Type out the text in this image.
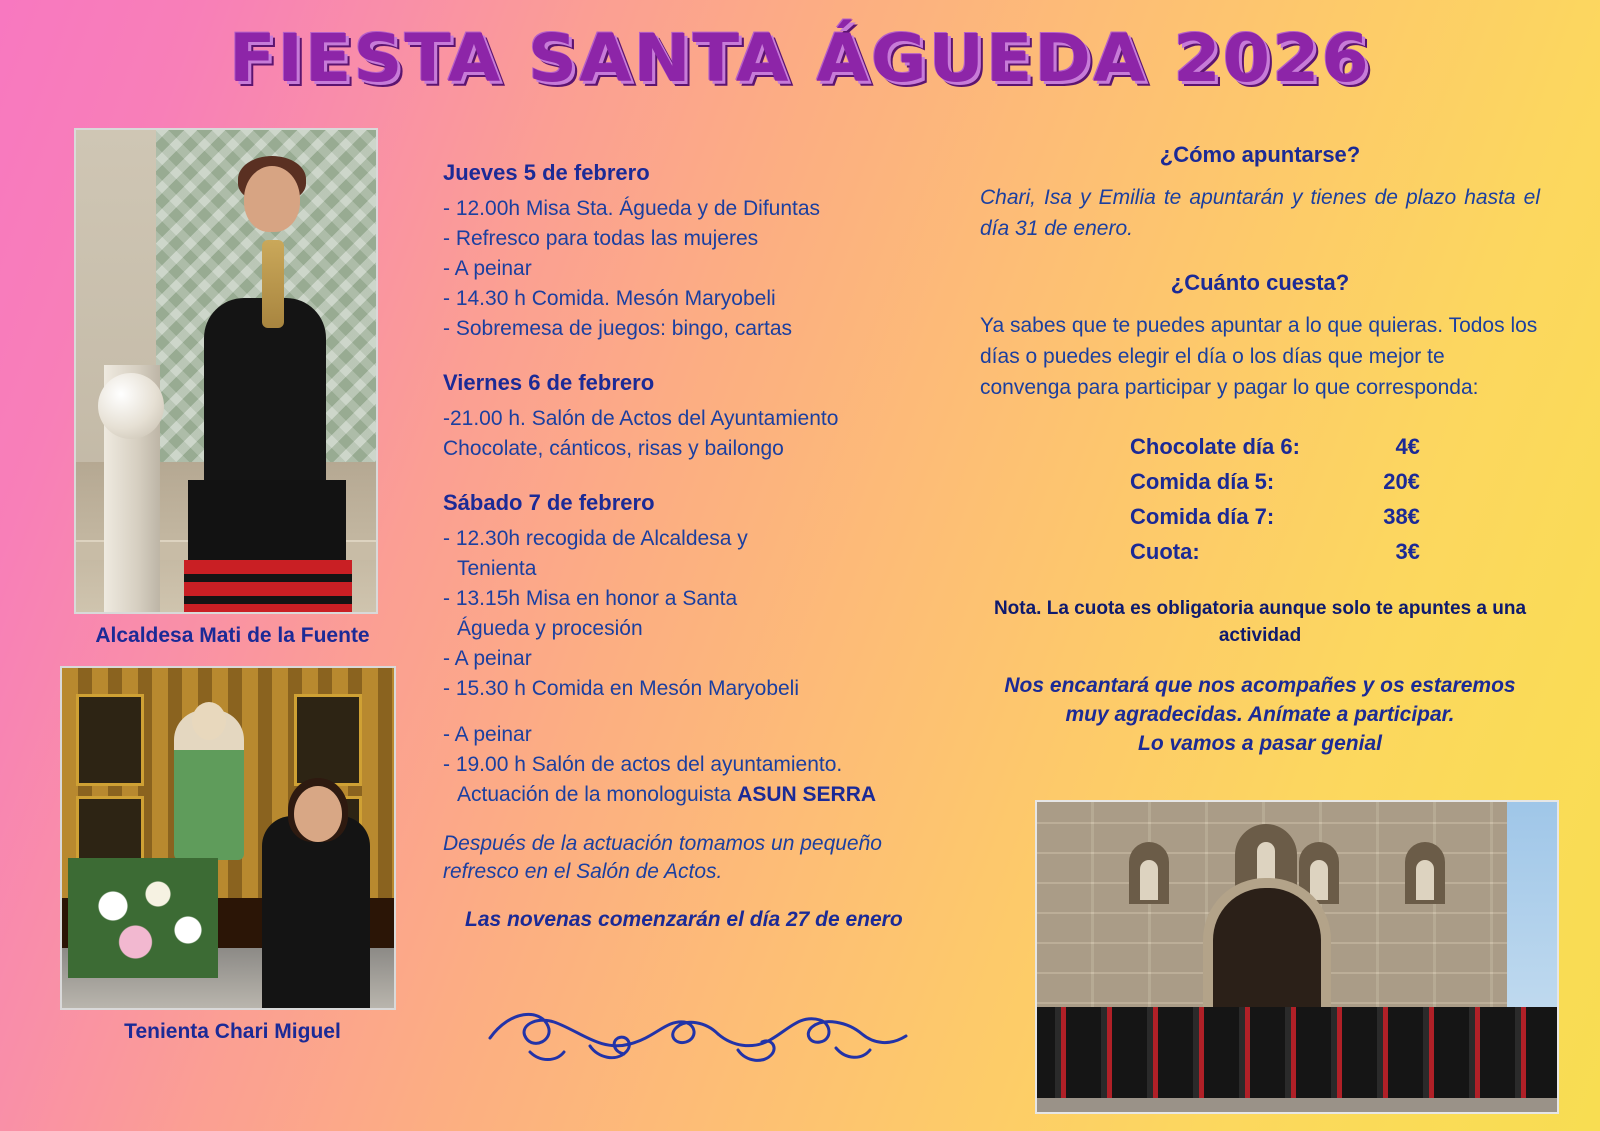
FIESTA SANTA ÁGUEDA 2026
Alcaldesa Mati de la Fuente
Tenienta Chari Miguel
Jueves 5 de febrero

- 12.00h Misa Sta. Águeda y de Difuntas

- Refresco para todas las mujeres

- A peinar

- 14.30 h Comida. Mesón Maryobeli

- Sobremesa de juegos: bingo, cartas

Viernes 6 de febrero

-21.00 h. Salón de Actos del Ayuntamiento

Chocolate, cánticos, risas y bailongo

Sábado 7 de febrero

- 12.30h recogida de Alcaldesa y

Tenienta

- 13.15h Misa en honor a Santa

Águeda y procesión

- A peinar

- 15.30 h Comida en Mesón Maryobeli

- A peinar

- 19.00 h Salón de actos del ayuntamiento.

Actuación de la monologuista ASUN SERRA

Después de la actuación tomamos un pequeño refresco en el Salón de Actos.

Las novenas comenzarán el día 27 de enero

¿Cómo apuntarse?

Chari, Isa y Emilia te apuntarán y tienes de plazo hasta el día 31 de enero.

¿Cuánto cuesta?

Ya sabes que te puedes apuntar a lo que quieras. Todos los días o puedes elegir el día o los días que mejor te convenga para participar y pagar lo que corresponda:

Chocolate día 6:	4€
Comida día 5:	20€
Comida día 7:	38€
Cuota:	3€

Nota. La cuota es obligatoria aunque solo te apuntes a una actividad

Nos encantará que nos acompañes y os estaremos
muy agradecidas. Anímate a participar.
Lo vamos a pasar genial
